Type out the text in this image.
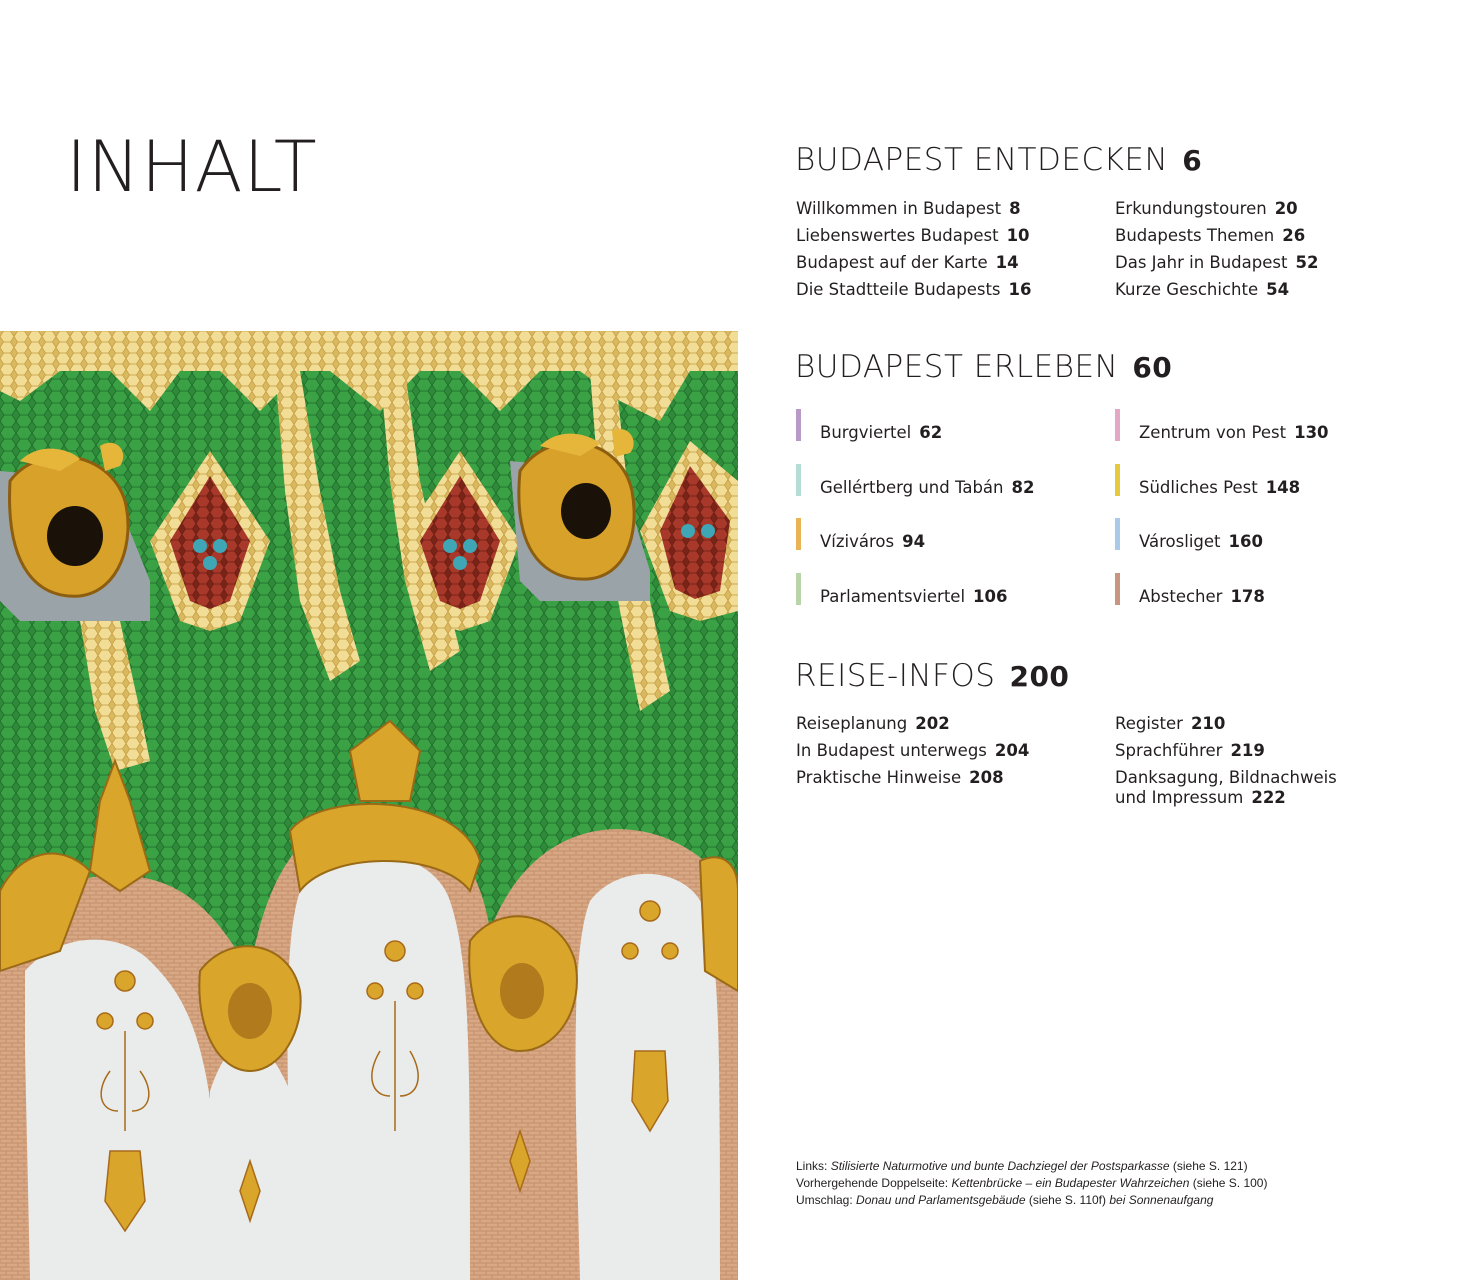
INHALT	BUDAPEST ENTDECKEN 6
Willkommen in Budapest 8
Liebenswertes Budapest 10
Budapest auf der Karte 14
Die Stadtteile Budapests 16
Erkundungstouren 20
Budapests Themen 26
Das Jahr in Budapest 52
Kurze Geschichte 54
BUDAPEST ERLEBEN 60
Burgviertel 62
Gellértberg und Tabán 82
Víziváros 94
Parlamentsviertel 106
Zentrum von Pest 130
Südliches Pest 148
Városliget 160
Abstecher 178
REISE-INFOS 200
Reiseplanung 202
In Budapest unterwegs 204
Praktische Hinweise 208
Register 210
Sprachführer 219
Danksagung, Bildnachweis und Impressum 222
Links: Stilisierte Naturmotive und bunte Dachziegel der Postsparkasse (siehe S. 121)
Vorhergehende Doppelseite: Kettenbrücke – ein Budapester Wahrzeichen (siehe S. 100)
Umschlag: Donau und Parlamentsgebäude (siehe S. 110f) bei Sonnenaufgang
